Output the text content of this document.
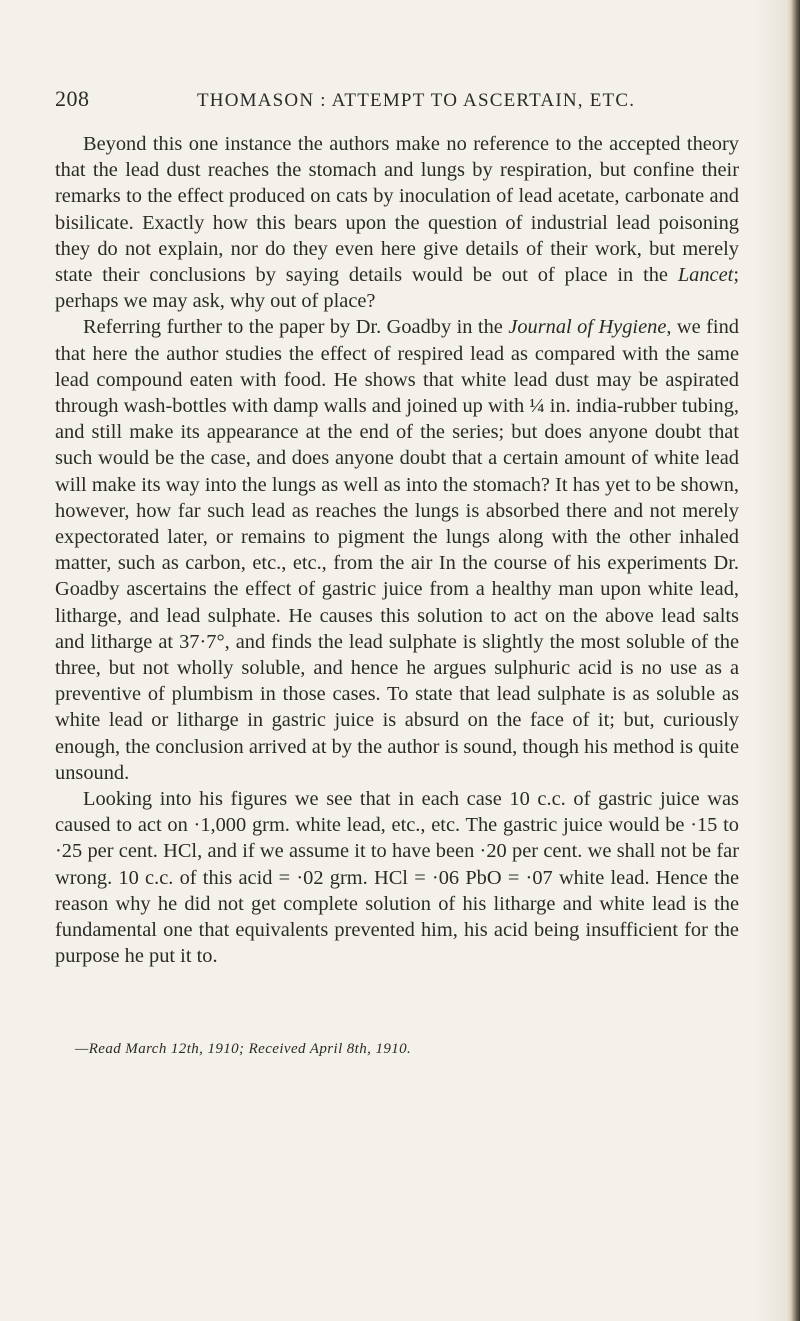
208	THOMASON : ATTEMPT TO ASCERTAIN, ETC.

Beyond this one instance the authors make no reference to the accepted theory that the lead dust reaches the stomach and lungs by respiration, but confine their remarks to the effect produced on cats by inoculation of lead acetate, carbonate and bisilicate. Exactly how this bears upon the question of industrial lead poisoning they do not explain, nor do they even here give details of their work, but merely state their conclusions by saying details would be out of place in the Lancet; perhaps we may ask, why out of place?

Referring further to the paper by Dr. Goadby in the Journal of Hygiene, we find that here the author studies the effect of respired lead as compared with the same lead compound eaten with food. He shows that white lead dust may be aspirated through wash-bottles with damp walls and joined up with ¼ in. india-rubber tubing, and still make its appearance at the end of the series; but does anyone doubt that such would be the case, and does anyone doubt that a certain amount of white lead will make its way into the lungs as well as into the stomach? It has yet to be shown, however, how far such lead as reaches the lungs is absorbed there and not merely expectorated later, or remains to pigment the lungs along with the other inhaled matter, such as carbon, etc., etc., from the air In the course of his experiments Dr. Goadby ascertains the effect of gastric juice from a healthy man upon white lead, litharge, and lead sulphate. He causes this solution to act on the above lead salts and litharge at 37·7°, and finds the lead sulphate is slightly the most soluble of the three, but not wholly soluble, and hence he argues sulphuric acid is no use as a preventive of plumbism in those cases. To state that lead sulphate is as soluble as white lead or litharge in gastric juice is absurd on the face of it; but, curiously enough, the conclusion arrived at by the author is sound, though his method is quite unsound.

Looking into his figures we see that in each case 10 c.c. of gastric juice was caused to act on ·1,000 grm. white lead, etc., etc. The gastric juice would be ·15 to ·25 per cent. HCl, and if we assume it to have been ·20 per cent. we shall not be far wrong. 10 c.c. of this acid = ·02 grm. HCl = ·06 PbO = ·07 white lead. Hence the reason why he did not get complete solution of his litharge and white lead is the fundamental one that equivalents prevented him, his acid being insufficient for the purpose he put it to.

—Read March 12th, 1910; Received April 8th, 1910.
